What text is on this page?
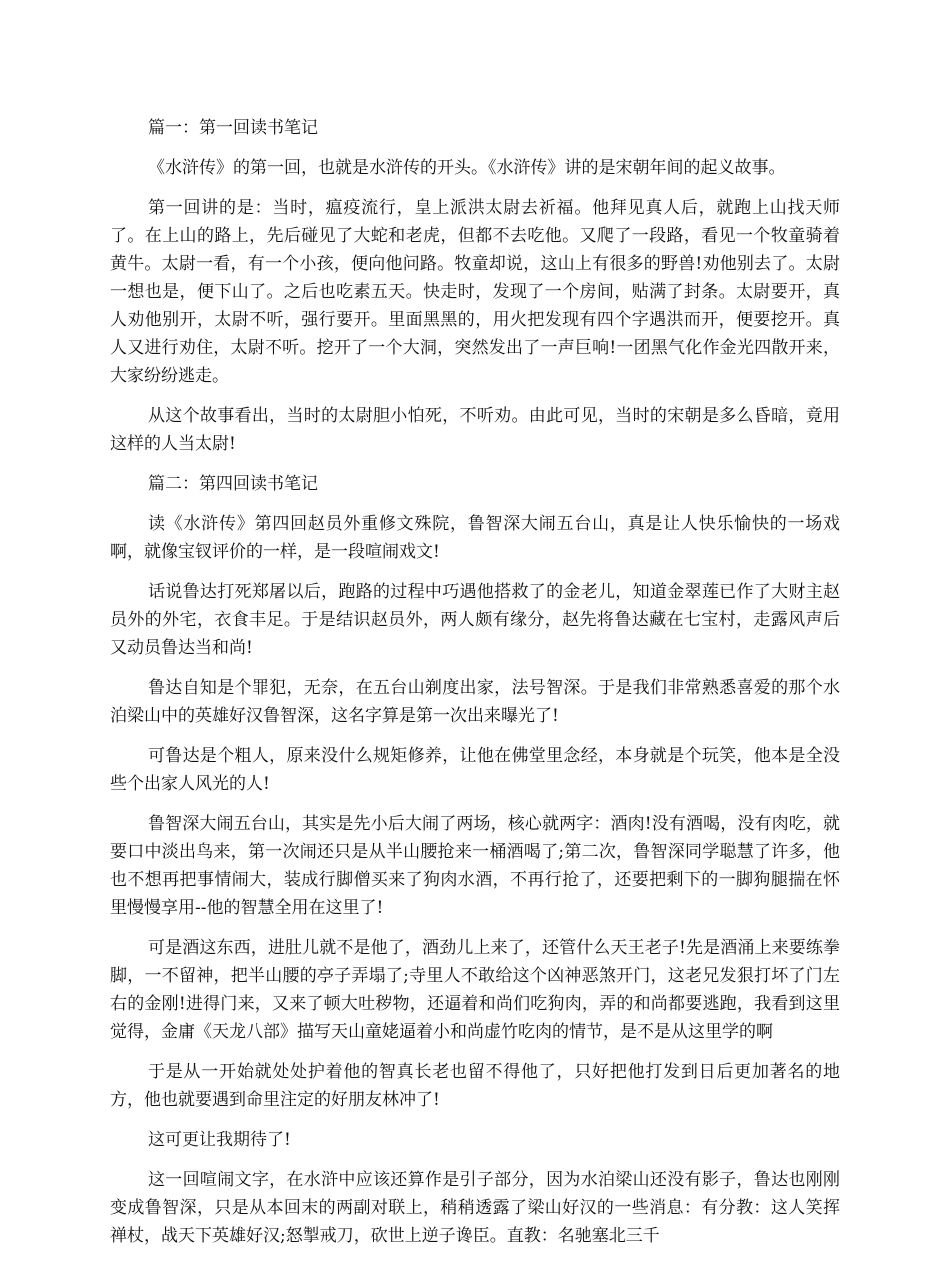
篇一：第一回读书笔记

《水浒传》的第一回，也就是水浒传的开头。《水浒传》讲的是宋朝年间的起义故事。

第一回讲的是：当时，瘟疫流行，皇上派洪太尉去祈福。他拜见真人后，就跑上山找天师了。在上山的路上，先后碰见了大蛇和老虎，但都不去吃他。又爬了一段路，看见一个牧童骑着黄牛。太尉一看，有一个小孩，便向他问路。牧童却说，这山上有很多的野兽!劝他别去了。太尉一想也是，便下山了。之后也吃素五天。快走时，发现了一个房间，贴满了封条。太尉要开，真人劝他别开，太尉不听，强行要开。里面黑黑的，用火把发现有四个字遇洪而开，便要挖开。真人又进行劝住，太尉不听。挖开了一个大洞，突然发出了一声巨响!一团黑气化作金光四散开来，大家纷纷逃走。

从这个故事看出，当时的太尉胆小怕死，不听劝。由此可见，当时的宋朝是多么昏暗，竟用这样的人当太尉!

篇二：第四回读书笔记

读《水浒传》第四回赵员外重修文殊院，鲁智深大闹五台山，真是让人快乐愉快的一场戏啊，就像宝钗评价的一样，是一段喧闹戏文!

话说鲁达打死郑屠以后，跑路的过程中巧遇他搭救了的金老儿，知道金翠莲已作了大财主赵员外的外宅，衣食丰足。于是结识赵员外，两人颇有缘分，赵先将鲁达藏在七宝村，走露风声后又动员鲁达当和尚!

鲁达自知是个罪犯，无奈，在五台山剃度出家，法号智深。于是我们非常熟悉喜爱的那个水泊梁山中的英雄好汉鲁智深，这名字算是第一次出来曝光了!

可鲁达是个粗人，原来没什么规矩修养，让他在佛堂里念经，本身就是个玩笑，他本是全没些个出家人风光的人!

鲁智深大闹五台山，其实是先小后大闹了两场，核心就两字：酒肉!没有酒喝，没有肉吃，就要口中淡出鸟来，第一次闹还只是从半山腰抢来一桶酒喝了;第二次，鲁智深同学聪慧了许多，他也不想再把事情闹大，装成行脚僧买来了狗肉水酒，不再行抢了，还要把剩下的一脚狗腿揣在怀里慢慢享用--他的智慧全用在这里了!

可是酒这东西，进肚儿就不是他了，酒劲儿上来了，还管什么天王老子!先是酒涌上来要练拳脚，一不留神，把半山腰的亭子弄塌了;寺里人不敢给这个凶神恶煞开门，这老兄发狠打坏了门左右的金刚!进得门来，又来了顿大吐秽物，还逼着和尚们吃狗肉，弄的和尚都要逃跑，我看到这里觉得，金庸《天龙八部》描写天山童姥逼着小和尚虚竹吃肉的情节，是不是从这里学的啊

于是从一开始就处处护着他的智真长老也留不得他了，只好把他打发到日后更加著名的地方，他也就要遇到命里注定的好朋友林冲了!

这可更让我期待了!

这一回喧闹文字，在水浒中应该还算作是引子部分，因为水泊梁山还没有影子，鲁达也刚刚变成鲁智深，只是从本回末的两副对联上，稍稍透露了梁山好汉的一些消息：有分教：这人笑挥禅杖，战天下英雄好汉;怒掣戒刀，砍世上逆子谗臣。直教：名驰塞北三千
